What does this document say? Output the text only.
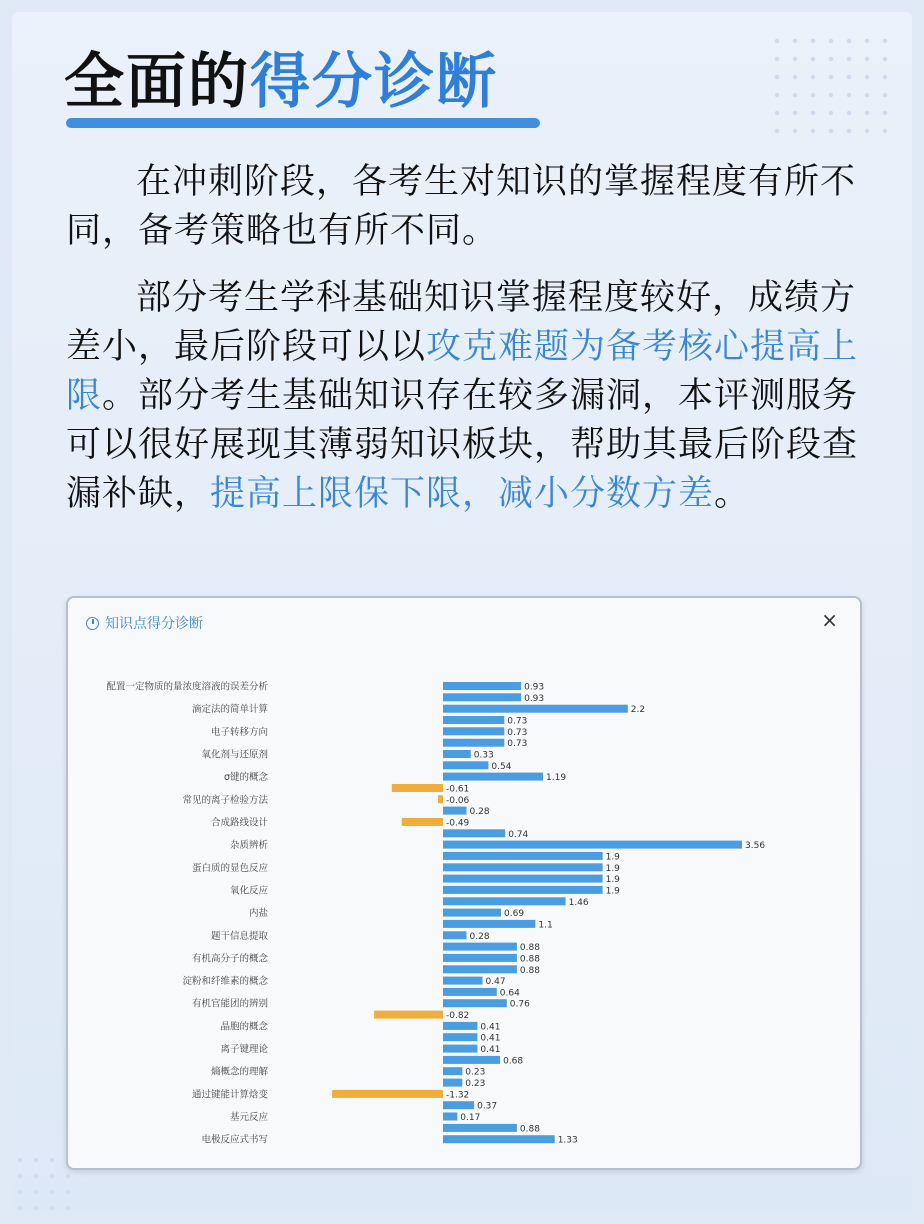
全面的得分诊断

在冲刺阶段，各考生对知识的掌握程度有所不同，备考策略也有所不同。

部分考生学科基础知识掌握程度较好，成绩方差小，最后阶段可以以攻克难题为备考核心提高上限。部分考生基础知识存在较多漏洞，本评测服务可以很好展现其薄弱知识板块，帮助其最后阶段查漏补缺，提高上限保下限，减小分数方差。

知识点得分诊断	×
0.93
配置一定物质的量浓度溶液的误差分析
0.93
2.2
滴定法的简单计算
0.73
0.73
电子转移方向
0.73
0.33
氧化剂与还原剂
0.54
1.19
σ键的概念
-0.61
-0.06
常见的离子检验方法
0.28
-0.49
合成路线设计
0.74
3.56
杂质辨析
1.9
1.9
蛋白质的显色反应
1.9
1.9
氧化反应
1.46
0.69
内盐
1.1
0.28
题干信息提取
0.88
0.88
有机高分子的概念
0.88
0.47
淀粉和纤维素的概念
0.64
0.76
有机官能团的辨别
-0.82
0.41
晶胞的概念
0.41
0.41
离子键理论
0.68
0.23
熵概念的理解
0.23
-1.32
通过键能计算焓变
0.37
0.17
基元反应
0.88
1.33
电极反应式书写
